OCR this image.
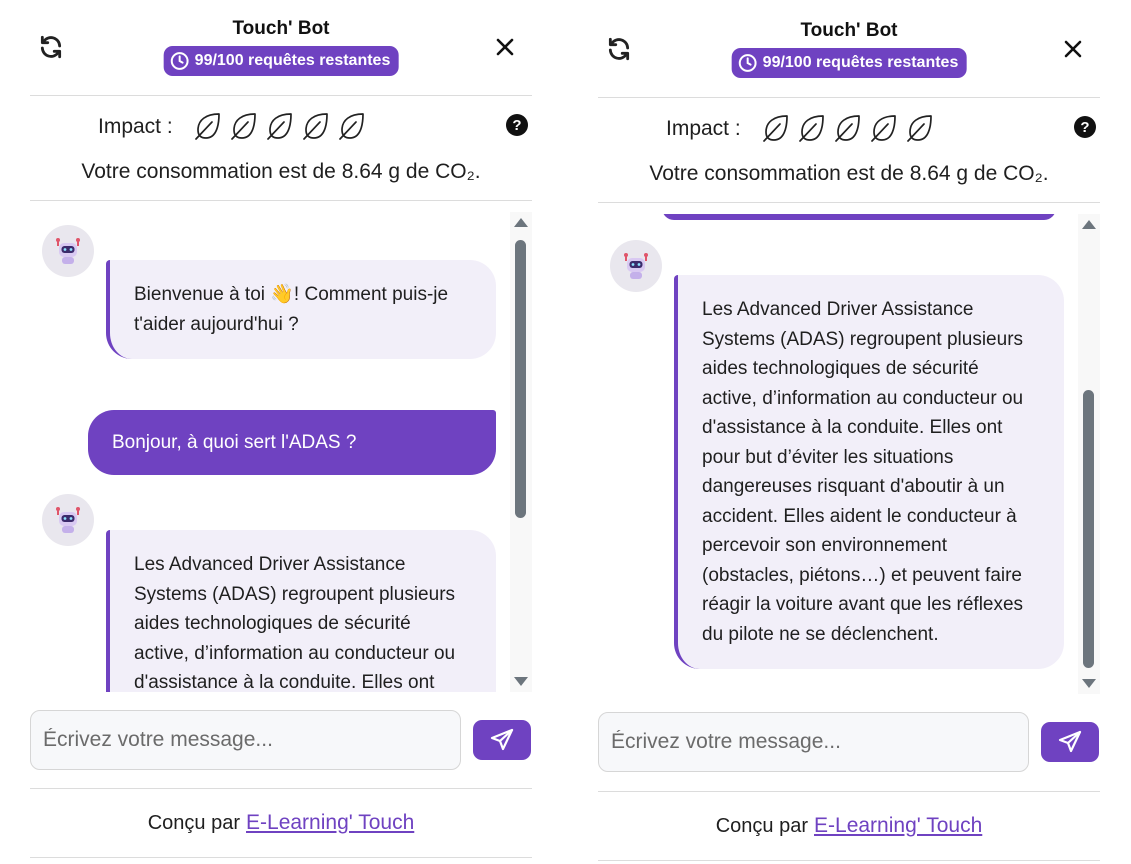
Touch' Bot
99/100 requêtes restantes
Impact :	?
Votre consommation est de 8.64 g de CO₂.
Bienvenue à toi 👋! Comment puis-je t'aider aujourd'hui ?
Bonjour, à quoi sert l'ADAS ?
Les Advanced Driver Assistance
Systems (ADAS) regroupent plusieurs
aides technologiques de sécurité
active, d’information au conducteur ou
d'assistance à la conduite. Elles ont
Écrivez votre message...
Conçu par E-Learning' Touch
Touch' Bot
99/100 requêtes restantes
Impact :	?
Votre consommation est de 8.64 g de CO₂.
Les Advanced Driver Assistance
Systems (ADAS) regroupent plusieurs
aides technologiques de sécurité
active, d’information au conducteur ou
d'assistance à la conduite. Elles ont
pour but d’éviter les situations
dangereuses risquant d'aboutir à un
accident. Elles aident le conducteur à
percevoir son environnement
(obstacles, piétons…) et peuvent faire
réagir la voiture avant que les réflexes
du pilote ne se déclenchent.
Écrivez votre message...
Conçu par E-Learning' Touch
